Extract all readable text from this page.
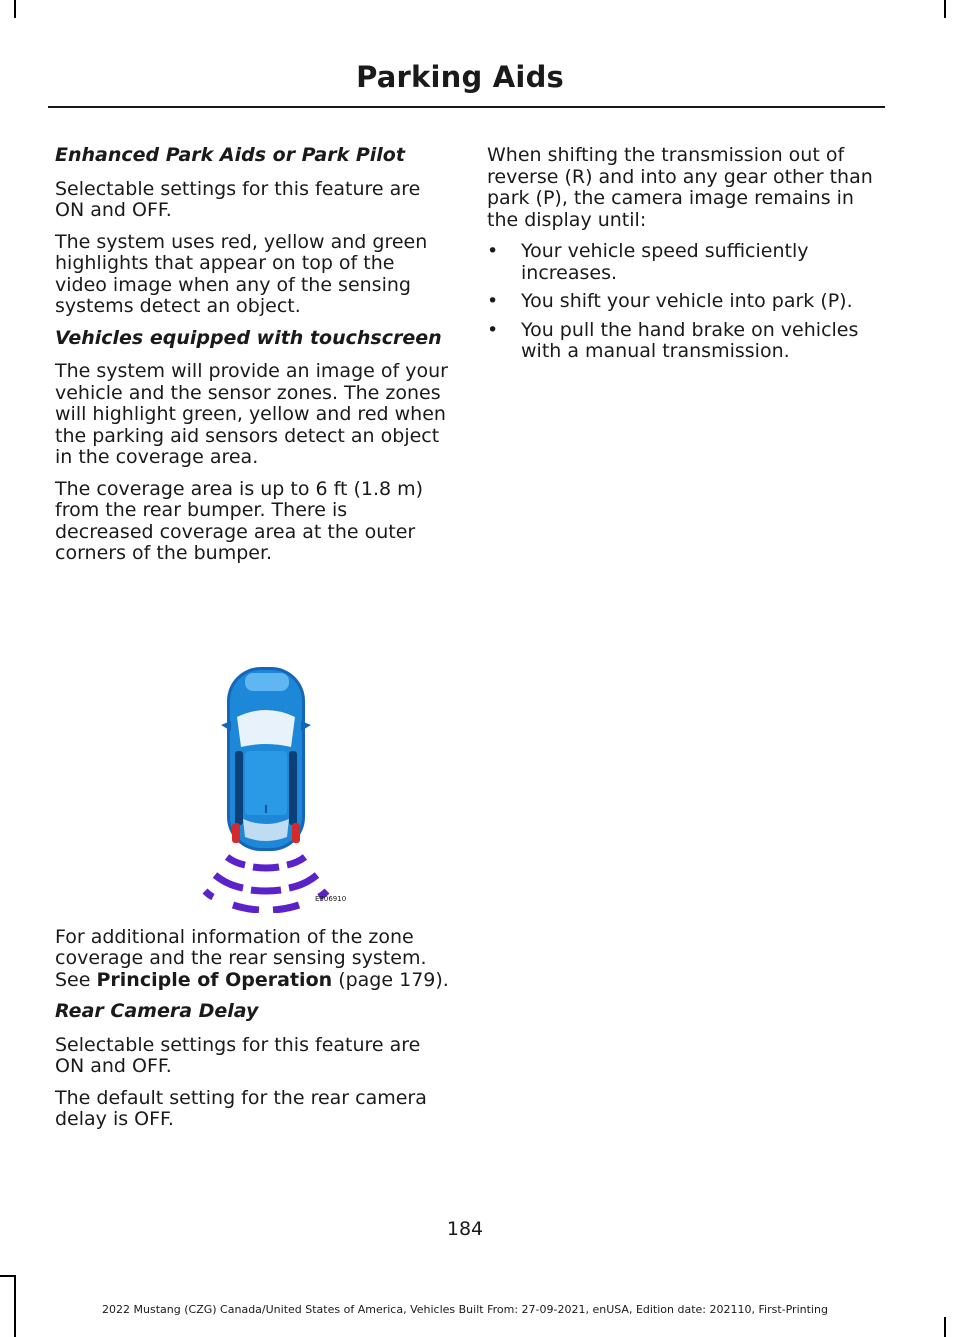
Parking Aids

Enhanced Park Aids or Park Pilot

Selectable settings for this feature are ON and OFF.

The system uses red, yellow and green highlights that appear on top of the video image when any of the sensing systems detect an object.

Vehicles equipped with touchscreen

The system will provide an image of your vehicle and the sensor zones. The zones will highlight green, yellow and red when the parking aid sensors detect an object in the coverage area.

The coverage area is up to 6 ft (1.8 m) from the rear bumper. There is decreased coverage area at the outer corners of the bumper.

E306910

For additional information of the zone coverage and the rear sensing system. See Principle of Operation (page 179).

Rear Camera Delay

Selectable settings for this feature are ON and OFF.

The default setting for the rear camera delay is OFF.

When shifting the transmission out of reverse (R) and into any gear other than park (P), the camera image remains in the display until:

• Your vehicle speed sufficiently increases.
• You shift your vehicle into park (P).
• You pull the hand brake on vehicles with a manual transmission.
184
2022 Mustang (CZG) Canada/United States of America, Vehicles Built From: 27-09-2021, enUSA, Edition date: 202110, First-Printing
